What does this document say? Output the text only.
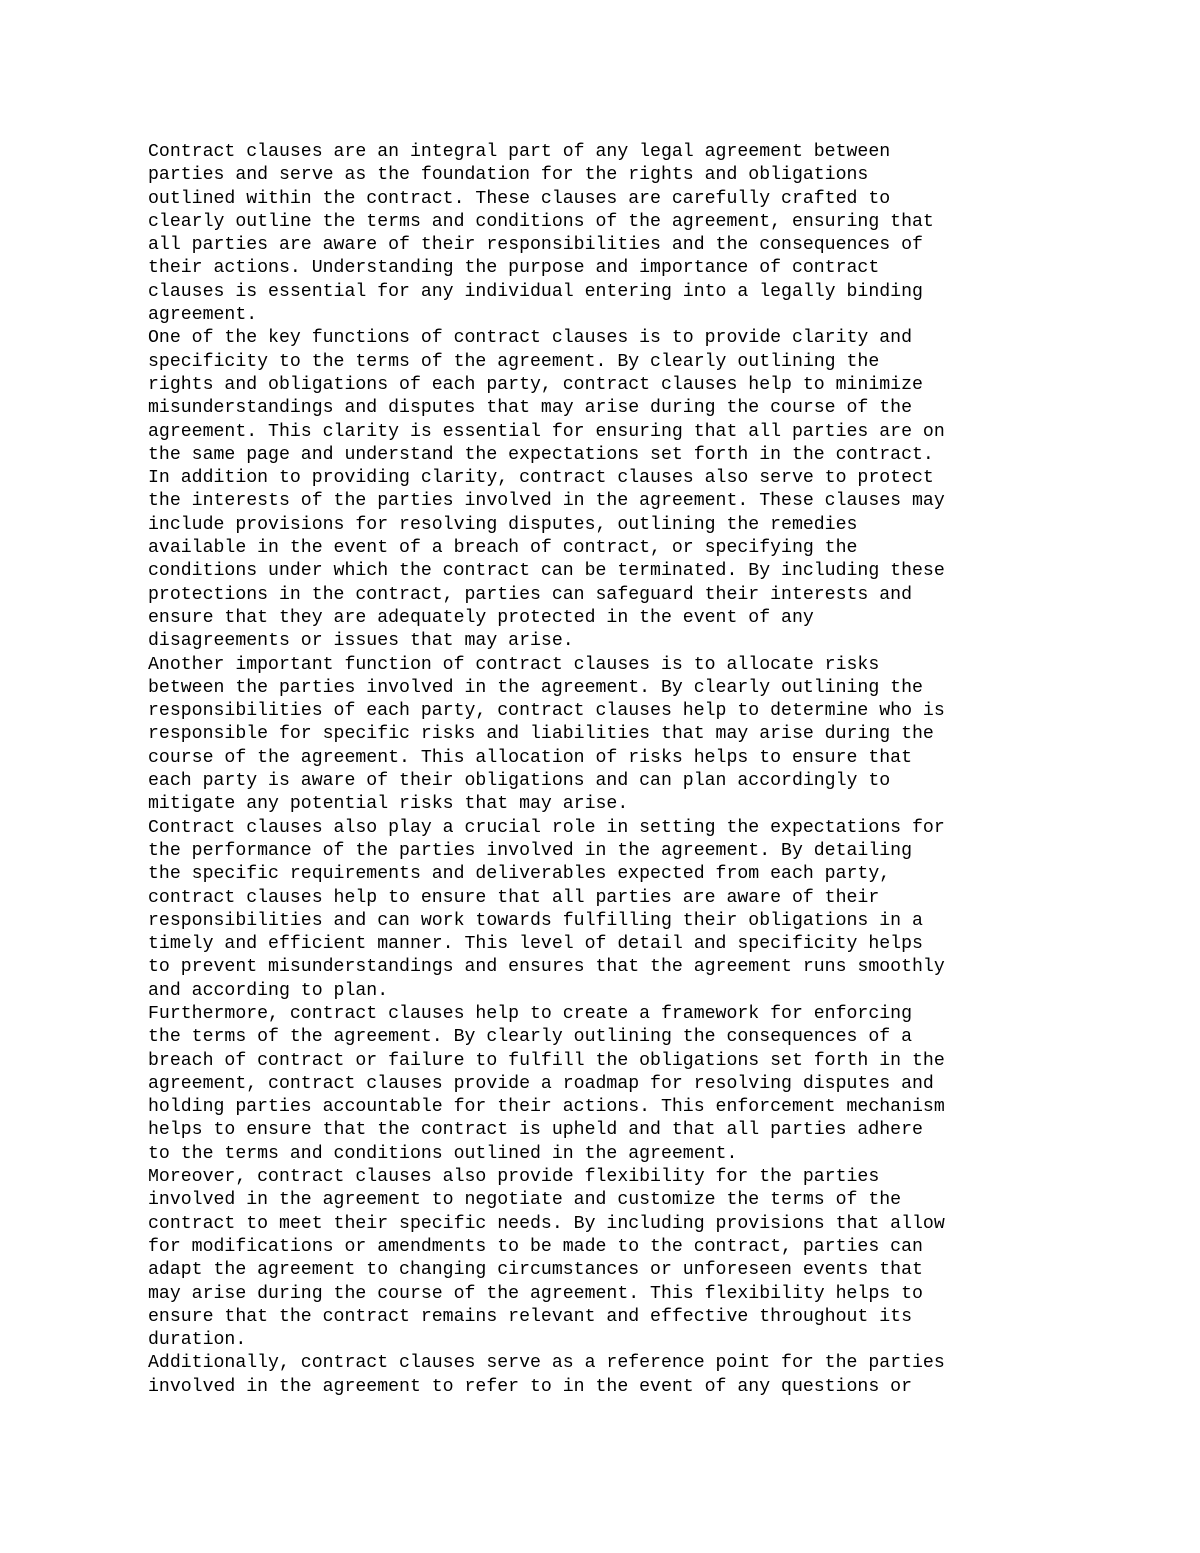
Contract clauses are an integral part of any legal agreement between
parties and serve as the foundation for the rights and obligations
outlined within the contract. These clauses are carefully crafted to
clearly outline the terms and conditions of the agreement, ensuring that
all parties are aware of their responsibilities and the consequences of
their actions. Understanding the purpose and importance of contract
clauses is essential for any individual entering into a legally binding
agreement.
One of the key functions of contract clauses is to provide clarity and
specificity to the terms of the agreement. By clearly outlining the
rights and obligations of each party, contract clauses help to minimize
misunderstandings and disputes that may arise during the course of the
agreement. This clarity is essential for ensuring that all parties are on
the same page and understand the expectations set forth in the contract.
In addition to providing clarity, contract clauses also serve to protect
the interests of the parties involved in the agreement. These clauses may
include provisions for resolving disputes, outlining the remedies
available in the event of a breach of contract, or specifying the
conditions under which the contract can be terminated. By including these
protections in the contract, parties can safeguard their interests and
ensure that they are adequately protected in the event of any
disagreements or issues that may arise.
Another important function of contract clauses is to allocate risks
between the parties involved in the agreement. By clearly outlining the
responsibilities of each party, contract clauses help to determine who is
responsible for specific risks and liabilities that may arise during the
course of the agreement. This allocation of risks helps to ensure that
each party is aware of their obligations and can plan accordingly to
mitigate any potential risks that may arise.
Contract clauses also play a crucial role in setting the expectations for
the performance of the parties involved in the agreement. By detailing
the specific requirements and deliverables expected from each party,
contract clauses help to ensure that all parties are aware of their
responsibilities and can work towards fulfilling their obligations in a
timely and efficient manner. This level of detail and specificity helps
to prevent misunderstandings and ensures that the agreement runs smoothly
and according to plan.
Furthermore, contract clauses help to create a framework for enforcing
the terms of the agreement. By clearly outlining the consequences of a
breach of contract or failure to fulfill the obligations set forth in the
agreement, contract clauses provide a roadmap for resolving disputes and
holding parties accountable for their actions. This enforcement mechanism
helps to ensure that the contract is upheld and that all parties adhere
to the terms and conditions outlined in the agreement.
Moreover, contract clauses also provide flexibility for the parties
involved in the agreement to negotiate and customize the terms of the
contract to meet their specific needs. By including provisions that allow
for modifications or amendments to be made to the contract, parties can
adapt the agreement to changing circumstances or unforeseen events that
may arise during the course of the agreement. This flexibility helps to
ensure that the contract remains relevant and effective throughout its
duration.
Additionally, contract clauses serve as a reference point for the parties
involved in the agreement to refer to in the event of any questions or
